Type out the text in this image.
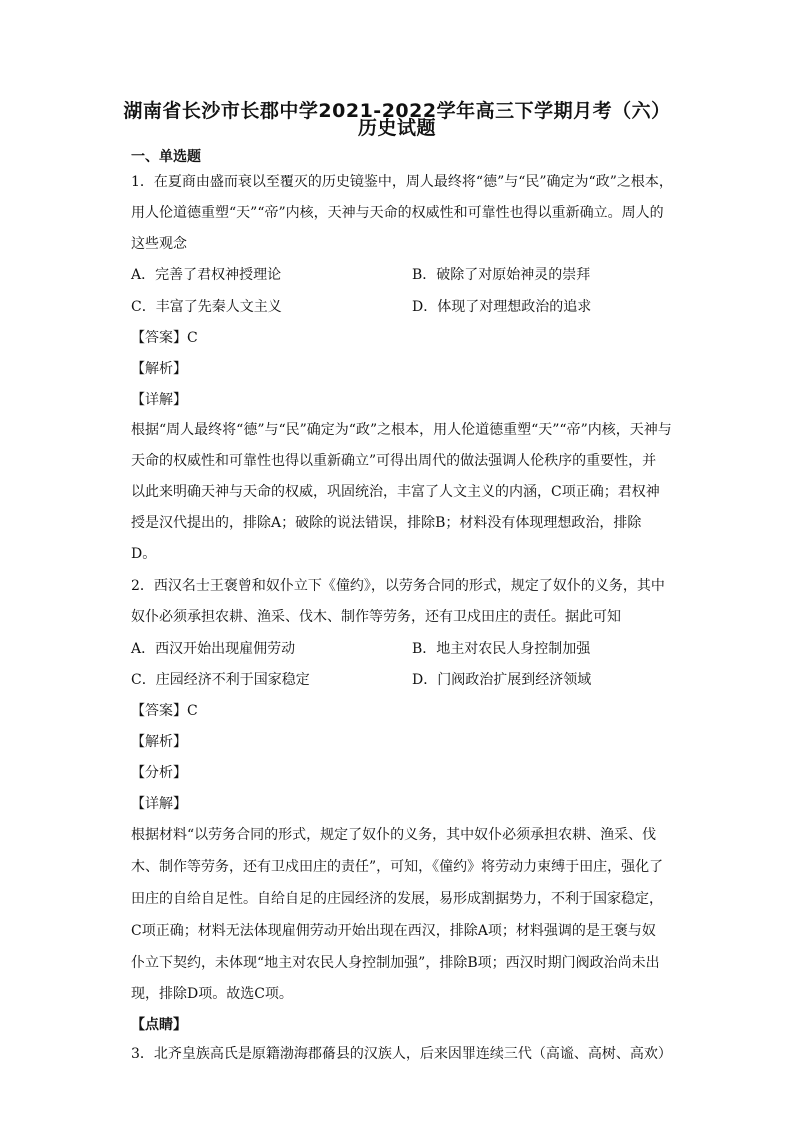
湖南省长沙市长郡中学2021-2022学年高三下学期月考（六）
历史试题
一、单选题
1．在夏商由盛而衰以至覆灭的历史镜鉴中，周人最终将“德”与“民”确定为“政”之根本，
用人伦道德重塑“天”“帝”内核，天神与天命的权威性和可靠性也得以重新确立。周人的
这些观念
A．完善了君权神授理论	B．破除了对原始神灵的崇拜
C．丰富了先秦人文主义	D．体现了对理想政治的追求
【答案】C
【解析】
【详解】
根据“周人最终将“德”与“民”确定为“政”之根本，用人伦道德重塑“天”“帝”内核，天神与
天命的权威性和可靠性也得以重新确立”可得出周代的做法强调人伦秩序的重要性，并
以此来明确天神与天命的权威，巩固统治，丰富了人文主义的内涵，C项正确；君权神
授是汉代提出的，排除A；破除的说法错误，排除B；材料没有体现理想政治，排除
D。
2．西汉名士王褒曾和奴仆立下《僮约》，以劳务合同的形式，规定了奴仆的义务，其中
奴仆必须承担农耕、渔采、伐木、制作等劳务，还有卫戍田庄的责任。据此可知
A．西汉开始出现雇佣劳动	B．地主对农民人身控制加强
C．庄园经济不利于国家稳定	D．门阀政治扩展到经济领域
【答案】C
【解析】
【分析】
【详解】
根据材料“以劳务合同的形式，规定了奴仆的义务，其中奴仆必须承担农耕、渔采、伐
木、制作等劳务，还有卫戍田庄的责任”，可知，《僮约》将劳动力束缚于田庄，强化了
田庄的自给自足性。自给自足的庄园经济的发展，易形成割据势力，不利于国家稳定，
C项正确；材料无法体现雇佣劳动开始出现在西汉，排除A项；材料强调的是王褒与奴
仆立下契约，未体现“地主对农民人身控制加强”，排除B项；西汉时期门阀政治尚未出
现，排除D项。故选C项。
【点睛】
3．北齐皇族高氏是原籍渤海郡蓨县的汉族人，后来因罪连续三代（高谧、高树、高欢）
